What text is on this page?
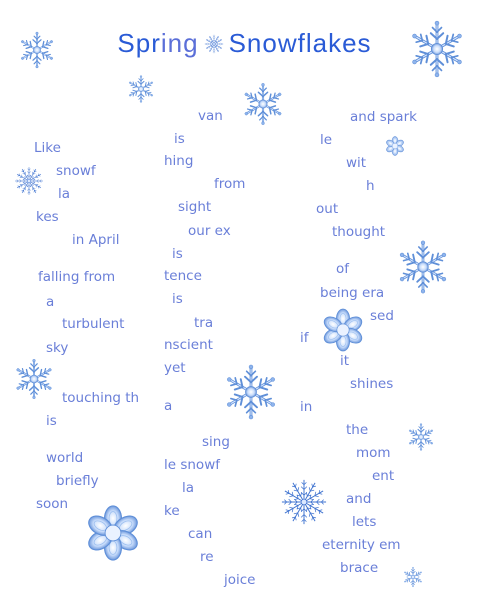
Spring Snowflakes
Like
snowf
la
kes
in April
falling from
a
turbulent
sky
touching th
is
world
briefly
soon
van
is
hing
from
sight
our ex
is
tence
is
tra
nscient
yet
a
sing
le snowf
la
ke
can
re
joice
and spark
le
wit
h
out
thought
of
being era
sed
if
it
shines
in
the
mom
ent
and
lets
eternity em
brace
